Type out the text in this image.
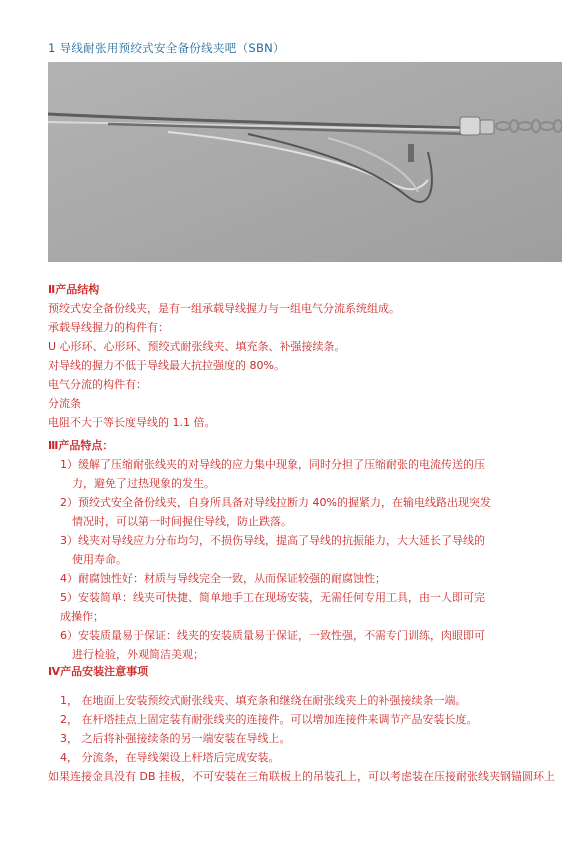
1 导线耐张用预绞式安全备份线夹吧（SBN）

Ⅱ产品结构

预绞式安全备份线夹，是有一组承载导线握力与一组电气分流系统组成。

承载导线握力的构件有：

U 心形环、心形环、预绞式耐张线夹、填充条、补强接续条。

对导线的握力不低于导线最大抗拉强度的 80%。

电气分流的构件有：

分流条

电阻不大于等长度导线的 1.1 倍。

Ⅲ产品特点：

1）缓解了压缩耐张线夹的对导线的应力集中现象，同时分担了压缩耐张的电流传送的压
力，避免了过热现象的发生。

2）预绞式安全备份线夹，自身所具备对导线拉断力 40%的握紧力，在输电线路出现突发
情况时，可以第一时间握住导线，防止跌落。

3）线夹对导线应力分布均匀，不损伤导线，提高了导线的抗振能力，大大延长了导线的
使用寿命。

4）耐腐蚀性好：材质与导线完全一致，从而保证较强的耐腐蚀性；

5）安装简单：线夹可快捷、简单地手工在现场安装，无需任何专用工具，由一人即可完
成操作；

6）安装质量易于保证：线夹的安装质量易于保证，一致性强，不需专门训练，肉眼即可
进行检验，外观简洁美观；

Ⅳ产品安装注意事项

1， 在地面上安装预绞式耐张线夹、填充条和继绕在耐张线夹上的补强接续条一端。

2， 在杆塔挂点上固定装有耐张线夹的连接件。可以增加连接件来调节产品安装长度。

3， 之后将补强接续条的另一端安装在导线上。

4， 分流条，在导线架设上杆塔后完成安装。

如果连接金具没有 DB 挂板，不可安装在三角联板上的吊装孔上，可以考虑装在压接耐张线夹钢锚圆环上
